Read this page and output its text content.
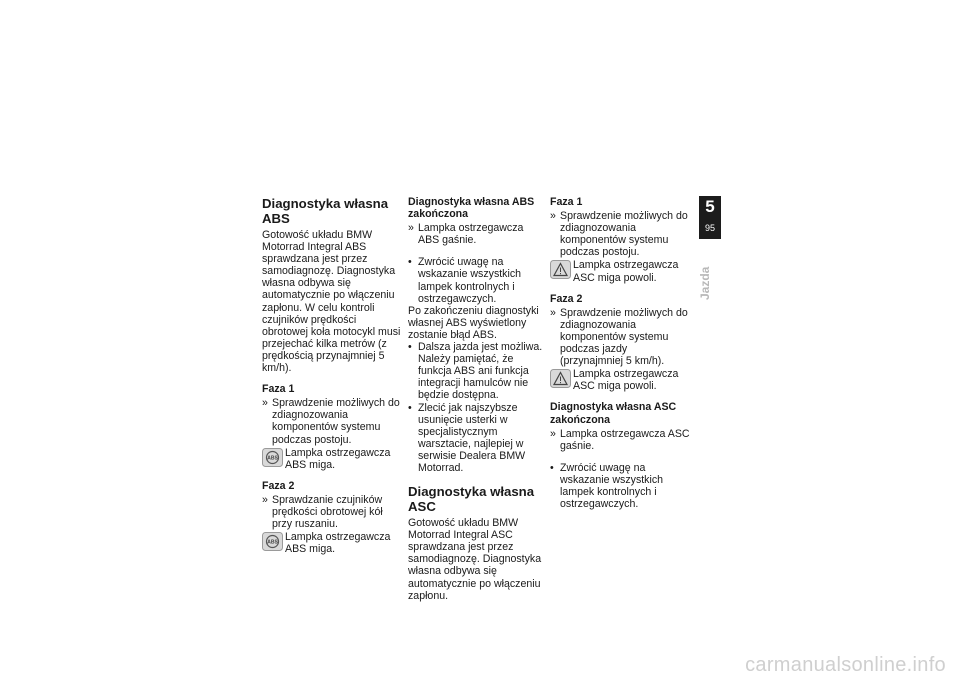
Diagnostyka własna ABS

Gotowość układu BMW Motorrad Integral ABS sprawdzana jest przez samodiagnozę. Diagnostyka własna odbywa się automatycznie po włączeniu zapłonu. W celu kontroli czujników prędkości obrotowej koła motocykl musi przejechać kilka metrów (z prędkością przynajmniej 5 km/h).

Faza 1
» Sprawdzenie możliwych do zdiagnozowania komponentów systemu podczas postoju.
ABS Lampka ostrzegawcza ABS miga.
Faza 2
» Sprawdzanie czujników prędkości obrotowej kół przy ruszaniu.
ABS Lampka ostrzegawcza ABS miga.
Diagnostyka własna ABS zakończona
» Lampka ostrzegawcza ABS gaśnie.
• Zwrócić uwagę na wskazanie wszystkich lampek kontrolnych i ostrzegawczych.

Po zakończeniu diagnostyki własnej ABS wyświetlony zostanie błąd ABS.

• Dalsza jazda jest możliwa. Należy pamiętać, że funkcja ABS ani funkcja integracji hamulców nie będzie dostępna.
• Zlecić jak najszybsze usunięcie usterki w specjalistycznym warsztacie, najlepiej w serwisie Dealera BMW Motorrad.
Diagnostyka własna ASC

Gotowość układu BMW Motorrad Integral ASC sprawdzana jest przez samodiagnozę. Diagnostyka własna odbywa się automatycznie po włączeniu zapłonu.

Faza 1
» Sprawdzenie możliwych do zdiagnozowania komponentów systemu podczas postoju.
Lampka ostrzegawcza ASC miga powoli.
Faza 2
» Sprawdzenie możliwych do zdiagnozowania komponentów systemu podczas jazdy (przynajmniej 5 km/h).
Lampka ostrzegawcza ASC miga powoli.
Diagnostyka własna ASC zakończona
» Lampka ostrzegawcza ASC gaśnie.
• Zwrócić uwagę na wskazanie wszystkich lampek kontrolnych i ostrzegawczych.
5
95
Jazda
carmanualsonline.info
